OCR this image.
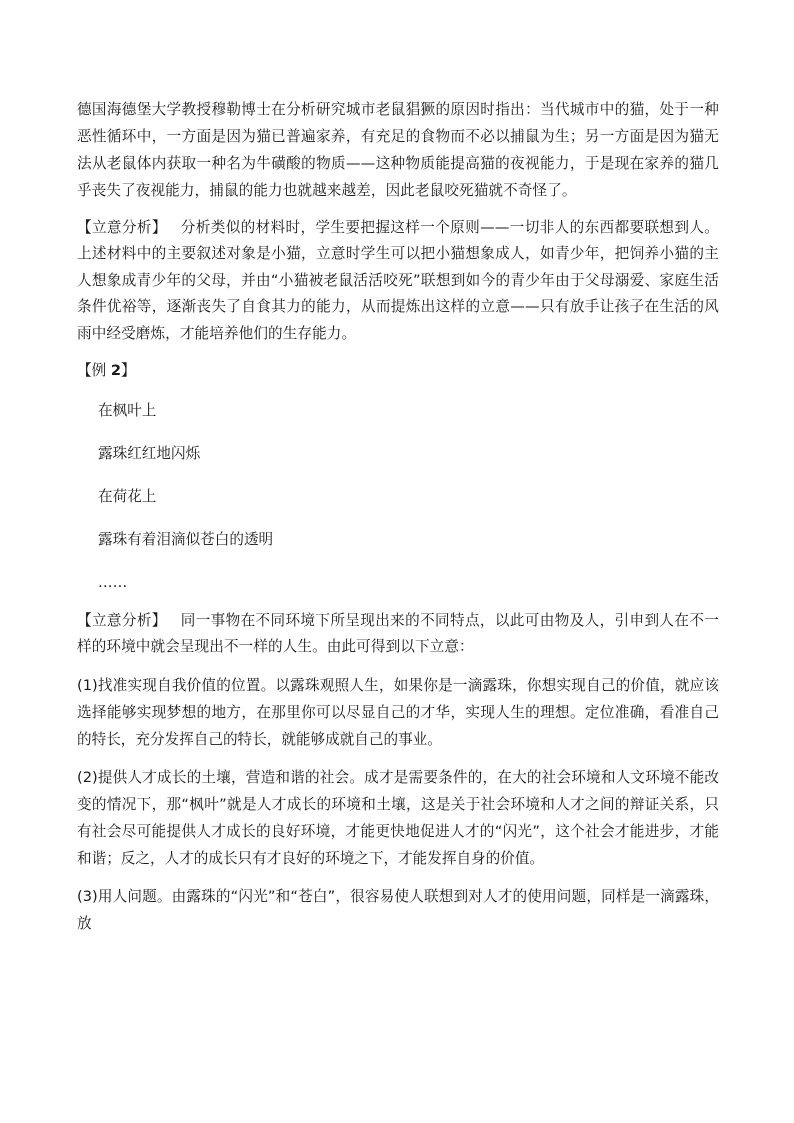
德国海德堡大学教授穆勒博士在分析研究城市老鼠猖獗的原因时指出：当代城市中的猫，处于一种恶性循环中，一方面是因为猫已普遍家养，有充足的食物而不必以捕鼠为生；另一方面是因为猫无法从老鼠体内获取一种名为牛磺酸的物质——这种物质能提高猫的夜视能力，于是现在家养的猫几乎丧失了夜视能力，捕鼠的能力也就越来越差，因此老鼠咬死猫就不奇怪了。

【立意分析】 分析类似的材料时，学生要把握这样一个原则——一切非人的东西都要联想到人。上述材料中的主要叙述对象是小猫，立意时学生可以把小猫想象成人，如青少年，把饲养小猫的主人想象成青少年的父母，并由“小猫被老鼠活活咬死”联想到如今的青少年由于父母溺爱、家庭生活条件优裕等，逐渐丧失了自食其力的能力，从而提炼出这样的立意——只有放手让孩子在生活的风雨中经受磨炼，才能培养他们的生存能力。

【例 2】
在枫叶上
露珠红红地闪烁
在荷花上
露珠有着泪滴似苍白的透明
……

【立意分析】 同一事物在不同环境下所呈现出来的不同特点，以此可由物及人，引申到人在不一样的环境中就会呈现出不一样的人生。由此可得到以下立意：

(1)找准实现自我价值的位置。以露珠观照人生，如果你是一滴露珠，你想实现自己的价值，就应该选择能够实现梦想的地方，在那里你可以尽显自己的才华，实现人生的理想。定位准确，看准自己的特长，充分发挥自己的特长，就能够成就自己的事业。

(2)提供人才成长的土壤，营造和谐的社会。成才是需要条件的，在大的社会环境和人文环境不能改变的情况下，那“枫叶”就是人才成长的环境和土壤，这是关于社会环境和人才之间的辩证关系，只有社会尽可能提供人才成长的良好环境，才能更快地促进人才的“闪光”，这个社会才能进步，才能和谐；反之，人才的成长只有才良好的环境之下，才能发挥自身的价值。

(3)用人问题。由露珠的“闪光”和“苍白”，很容易使人联想到对人才的使用问题，同样是一滴露珠，放
